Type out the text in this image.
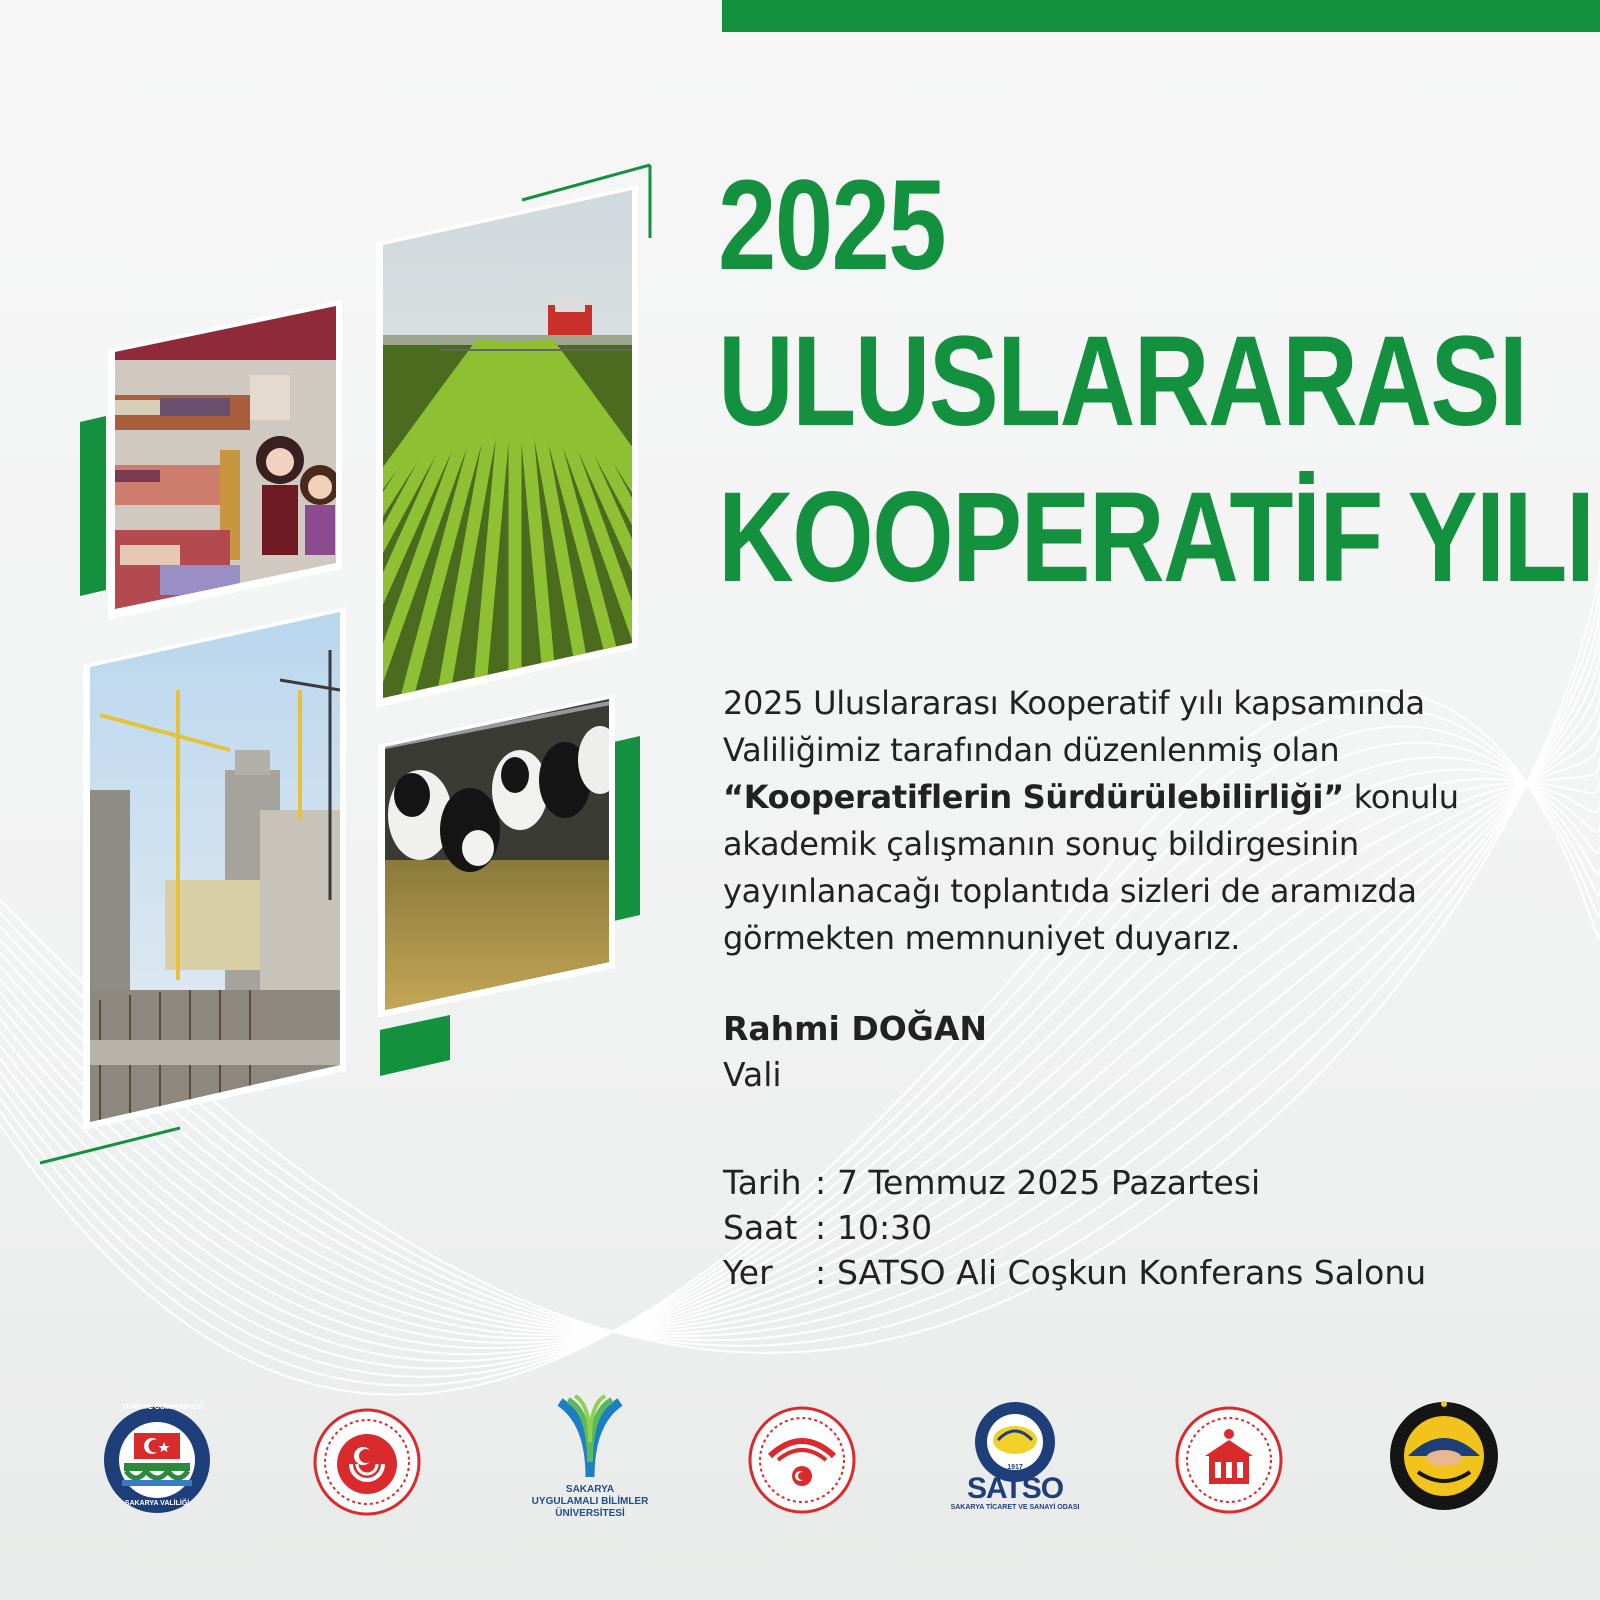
2025
ULUSLARARASI
KOOPERATİF YILI
2025 Uluslararası Kooperatif yılı kapsamında
Valiliğimiz tarafından düzenlenmiş olan
“Kooperatiflerin Sürdürülebilirliği” konulu
akademik çalışmanın sonuç bildirgesinin
yayınlanacağı toplantıda sizleri de aramızda
görmekten memnuniyet duyarız.
Rahmi DOĞAN
Vali
Tarih : 7 Temmuz 2025 Pazartesi
Saat : 10:30
Yer	: SATSO Ali Coşkun Konferans Salonu
TÜRKİYE CUMHURİYETİ
SAKARYA VALİLİĞİ
SAKARYA
UYGULAMALI BİLİMLER
ÜNİVERSİTESİ
1917
SATSO
SAKARYA TİCARET VE SANAYİ ODASI
